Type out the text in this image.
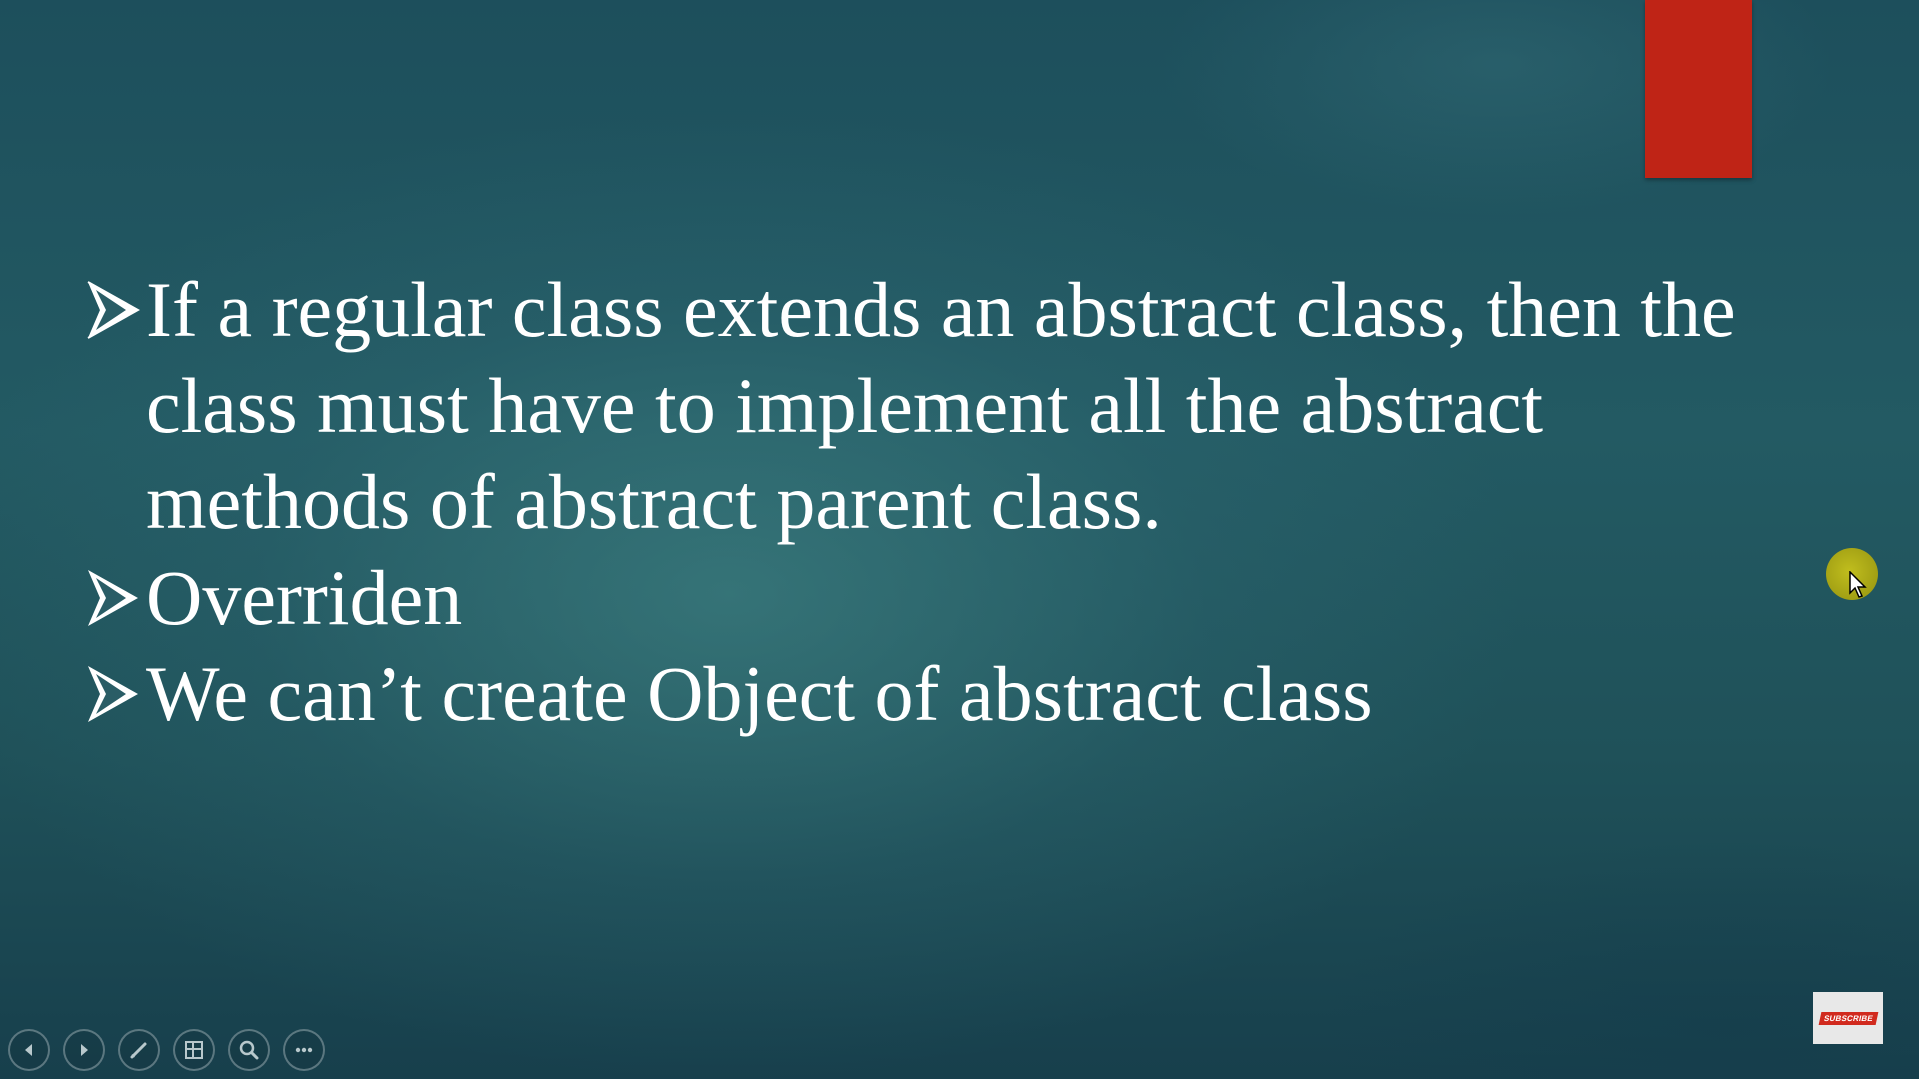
If a regular class extends an abstract class, then the class must have to implement all the abstract methods of abstract parent class.
Overriden
We can’t create Object of abstract class
SUBSCRIBE
